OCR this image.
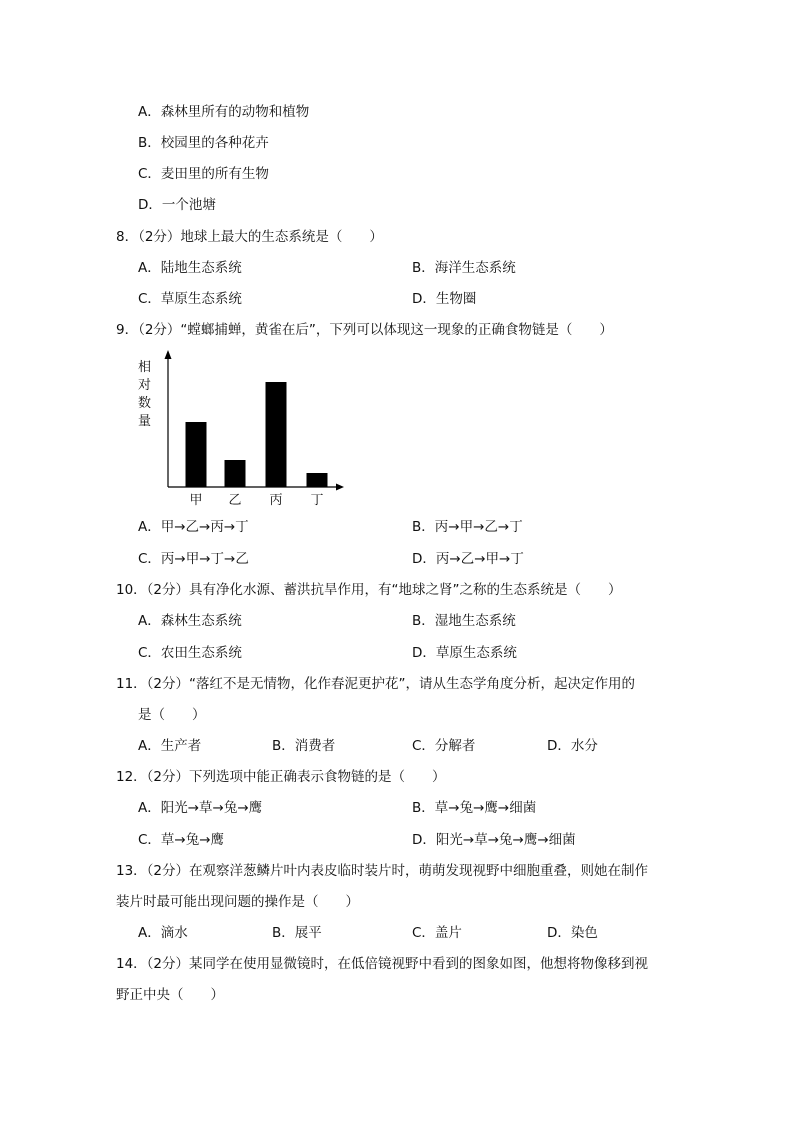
A．森林里所有的动物和植物
B．校园里的各种花卉
C．麦田里的所有生物
D．一个池塘
8．（2分）地球上最大的生态系统是（　　）
A．陆地生态系统	B．海洋生态系统
C．草原生态系统	D．生物圈
9．（2分）“螳螂捕蝉，黄雀在后”，下列可以体现这一现象的正确食物链是（　　）
相
对
数
量
甲 乙 丙 丁
A．甲→乙→丙→丁	B．丙→甲→乙→丁
C．丙→甲→丁→乙	D．丙→乙→甲→丁
10．（2分）具有净化水源、蓄洪抗旱作用，有“地球之肾”之称的生态系统是（　　）
A．森林生态系统	B．湿地生态系统
C．农田生态系统	D．草原生态系统
11．（2分）“落红不是无情物，化作春泥更护花”，请从生态学角度分析，起决定作用的
是（　　）
A．生产者	B．消费者	C．分解者	D．水分
12．（2分）下列选项中能正确表示食物链的是（　　）
A．阳光→草→兔→鹰	B．草→兔→鹰→细菌
C．草→兔→鹰	D．阳光→草→兔→鹰→细菌
13．（2分）在观察洋葱鳞片叶内表皮临时装片时，萌萌发现视野中细胞重叠，则她在制作
装片时最可能出现问题的操作是（　　）
A．滴水	B．展平	C．盖片	D．染色
14．（2分）某同学在使用显微镜时，在低倍镜视野中看到的图象如图，他想将物像移到视
野正中央（　　）
